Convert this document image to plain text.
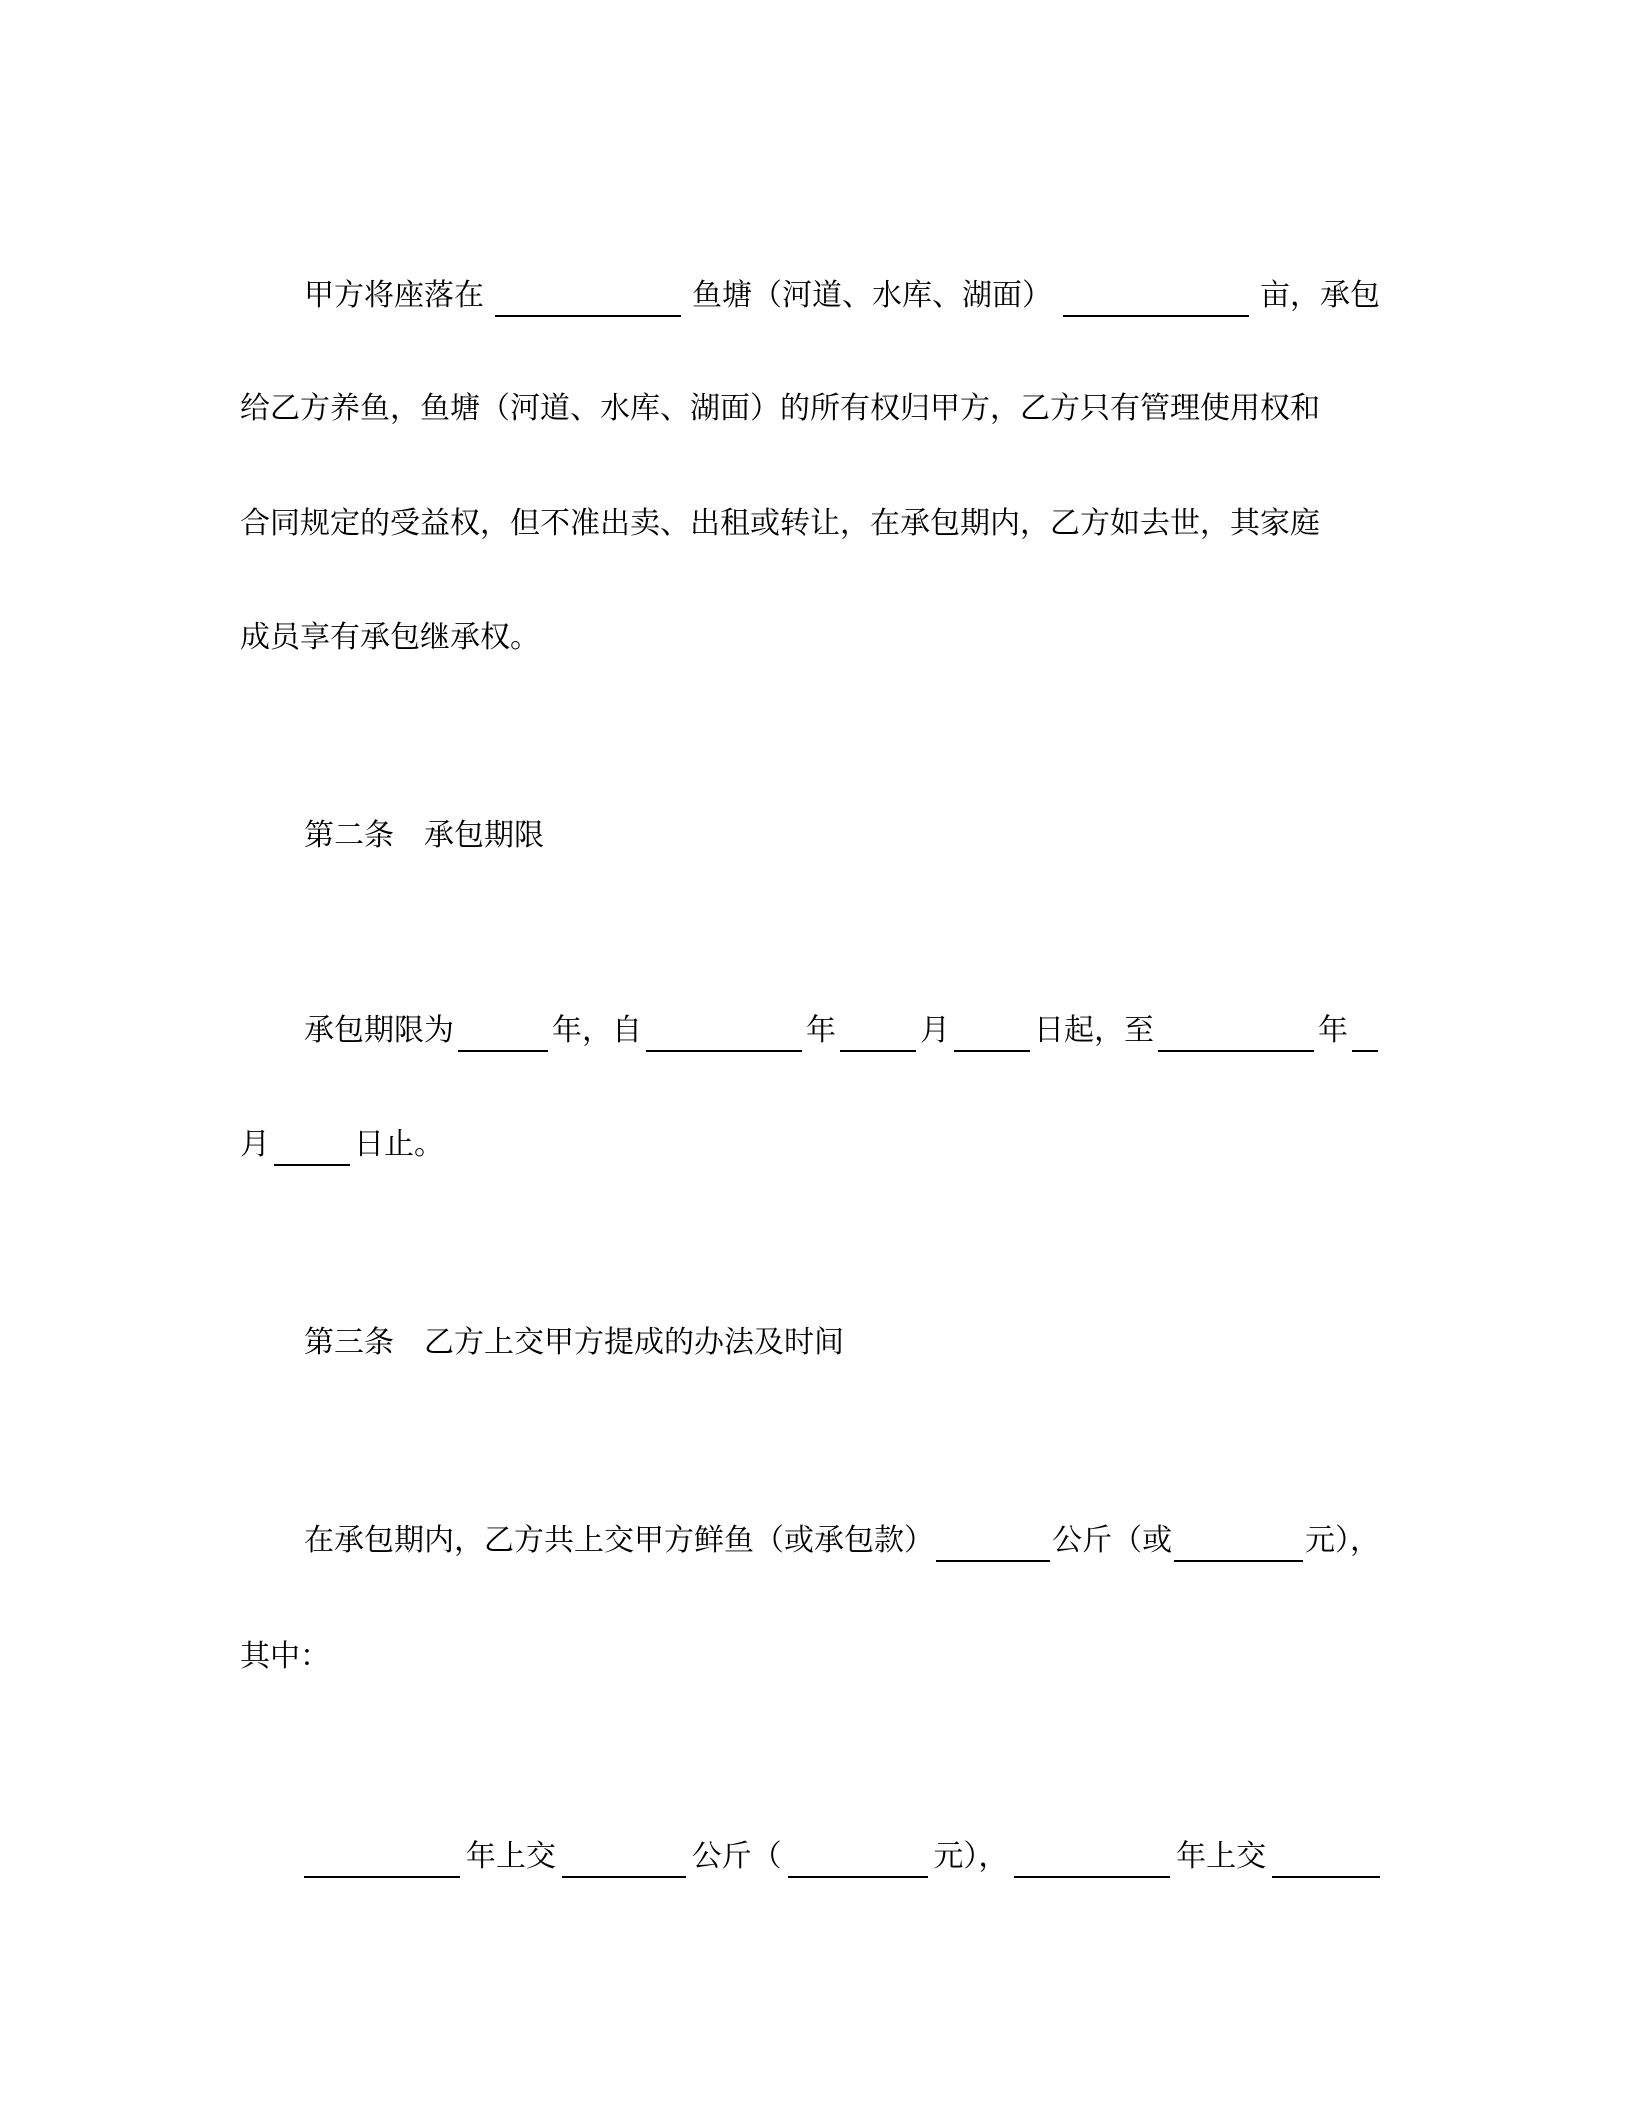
甲方将座落在	鱼塘（河道、水库、湖面）	亩，承包
给乙方养鱼，鱼塘（河道、水库、湖面）的所有权归甲方，乙方只有管理使用权和
合同规定的受益权，但不准出卖、出租或转让，在承包期内，乙方如去世，其家庭
成员享有承包继承权。
第二条　承包期限
承包期限为	年，自	年	月	日起，至	年
月	日止。
第三条　乙方上交甲方提成的办法及时间
在承包期内，乙方共上交甲方鲜鱼（或承包款）	公斤（或	元），
其中：
年上交	公斤（	元），	年上交
